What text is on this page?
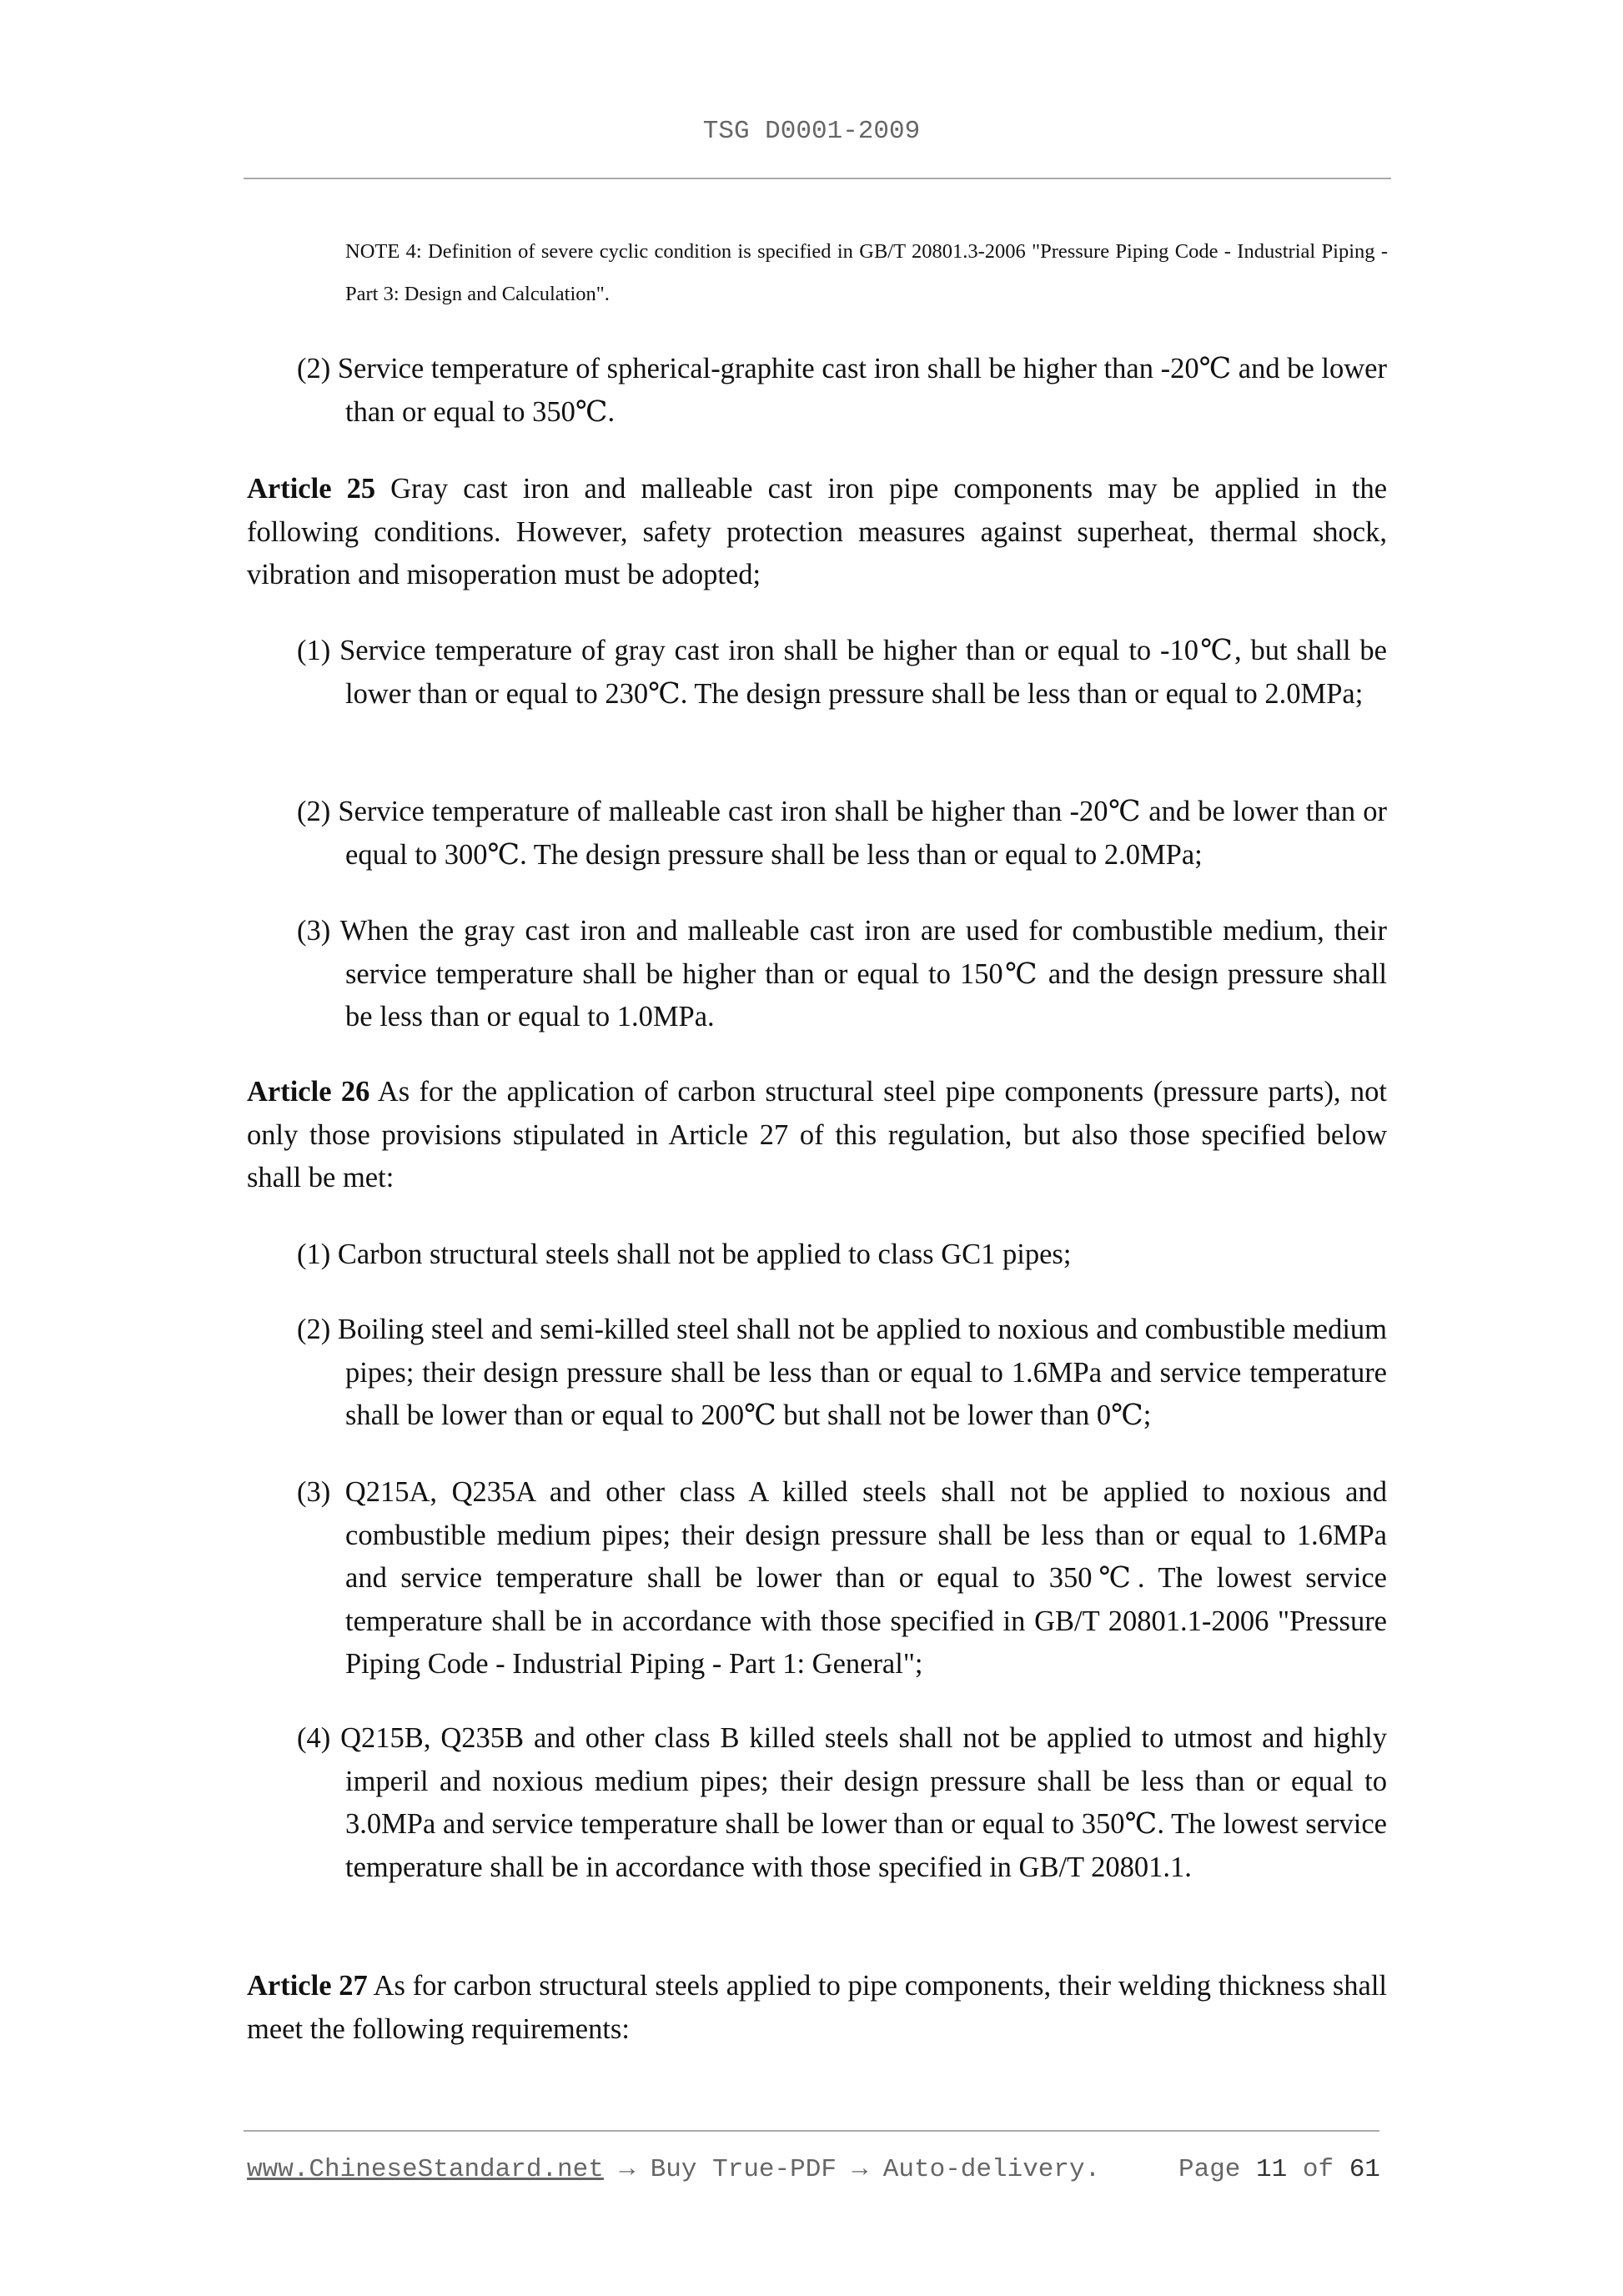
TSG D0001-2009
NOTE 4: Definition of severe cyclic condition is specified in GB/T 20801.3-2006 "Pressure Piping Code - Industrial Piping - Part 3: Design and Calculation".
(2) Service temperature of spherical-graphite cast iron shall be higher than -20℃ and be lower than or equal to 350℃.
Article 25 Gray cast iron and malleable cast iron pipe components may be applied in the following conditions. However, safety protection measures against superheat, thermal shock, vibration and misoperation must be adopted;
(1) Service temperature of gray cast iron shall be higher than or equal to -10℃, but shall be lower than or equal to 230℃. The design pressure shall be less than or equal to 2.0MPa;
(2) Service temperature of malleable cast iron shall be higher than -20℃ and be lower than or equal to 300℃. The design pressure shall be less than or equal to 2.0MPa;
(3) When the gray cast iron and malleable cast iron are used for combustible medium, their service temperature shall be higher than or equal to 150℃ and the design pressure shall be less than or equal to 1.0MPa.
Article 26 As for the application of carbon structural steel pipe components (pressure parts), not only those provisions stipulated in Article 27 of this regulation, but also those specified below shall be met:
(1) Carbon structural steels shall not be applied to class GC1 pipes;
(2) Boiling steel and semi-killed steel shall not be applied to noxious and combustible medium pipes; their design pressure shall be less than or equal to 1.6MPa and service temperature shall be lower than or equal to 200℃ but shall not be lower than 0℃;
(3) Q215A, Q235A and other class A killed steels shall not be applied to noxious and combustible medium pipes; their design pressure shall be less than or equal to 1.6MPa and service temperature shall be lower than or equal to 350℃. The lowest service temperature shall be in accordance with those specified in GB/T 20801.1-2006 "Pressure Piping Code - Industrial Piping - Part 1: General";
(4) Q215B, Q235B and other class B killed steels shall not be applied to utmost and highly imperil and noxious medium pipes; their design pressure shall be less than or equal to 3.0MPa and service temperature shall be lower than or equal to 350℃. The lowest service temperature shall be in accordance with those specified in GB/T 20801.1.
Article 27 As for carbon structural steels applied to pipe components, their welding thickness shall meet the following requirements:
www.ChineseStandard.net → Buy True-PDF → Auto-delivery.	Page 11 of 61
